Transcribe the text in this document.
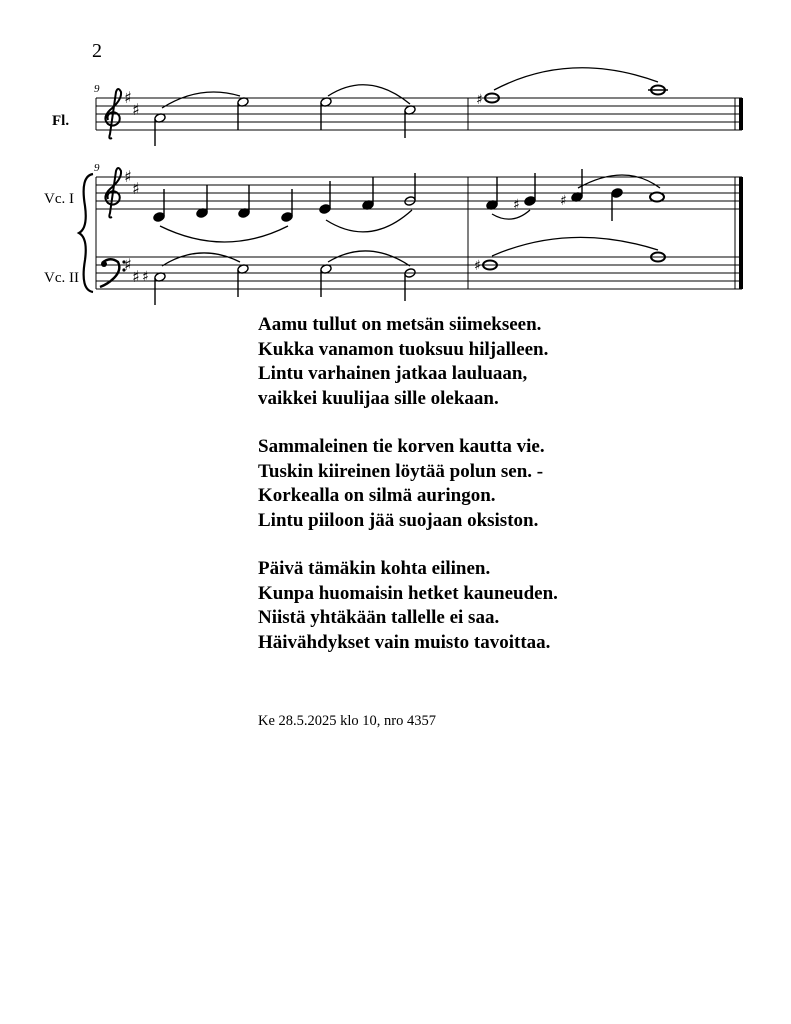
2
9
9
Fl.
Vc. I
Vc. II
♯
♯
♯
♯
♯
♯
♯
♯	♯
♯
♯
Aamu tullut on metsän siimekseen.
Kukka vanamon tuoksuu hiljalleen.
Lintu varhainen jatkaa lauluaan,
vaikkei kuulijaa sille olekaan.
Sammaleinen tie korven kautta vie.
Tuskin kiireinen löytää polun sen. -
Korkealla on silmä auringon.
Lintu piiloon jää suojaan oksiston.
Päivä tämäkin kohta eilinen.
Kunpa huomaisin hetket kauneuden.
Niistä yhtäkään tallelle ei saa.
Häivähdykset vain muisto tavoittaa.
Ke 28.5.2025 klo 10, nro 4357
